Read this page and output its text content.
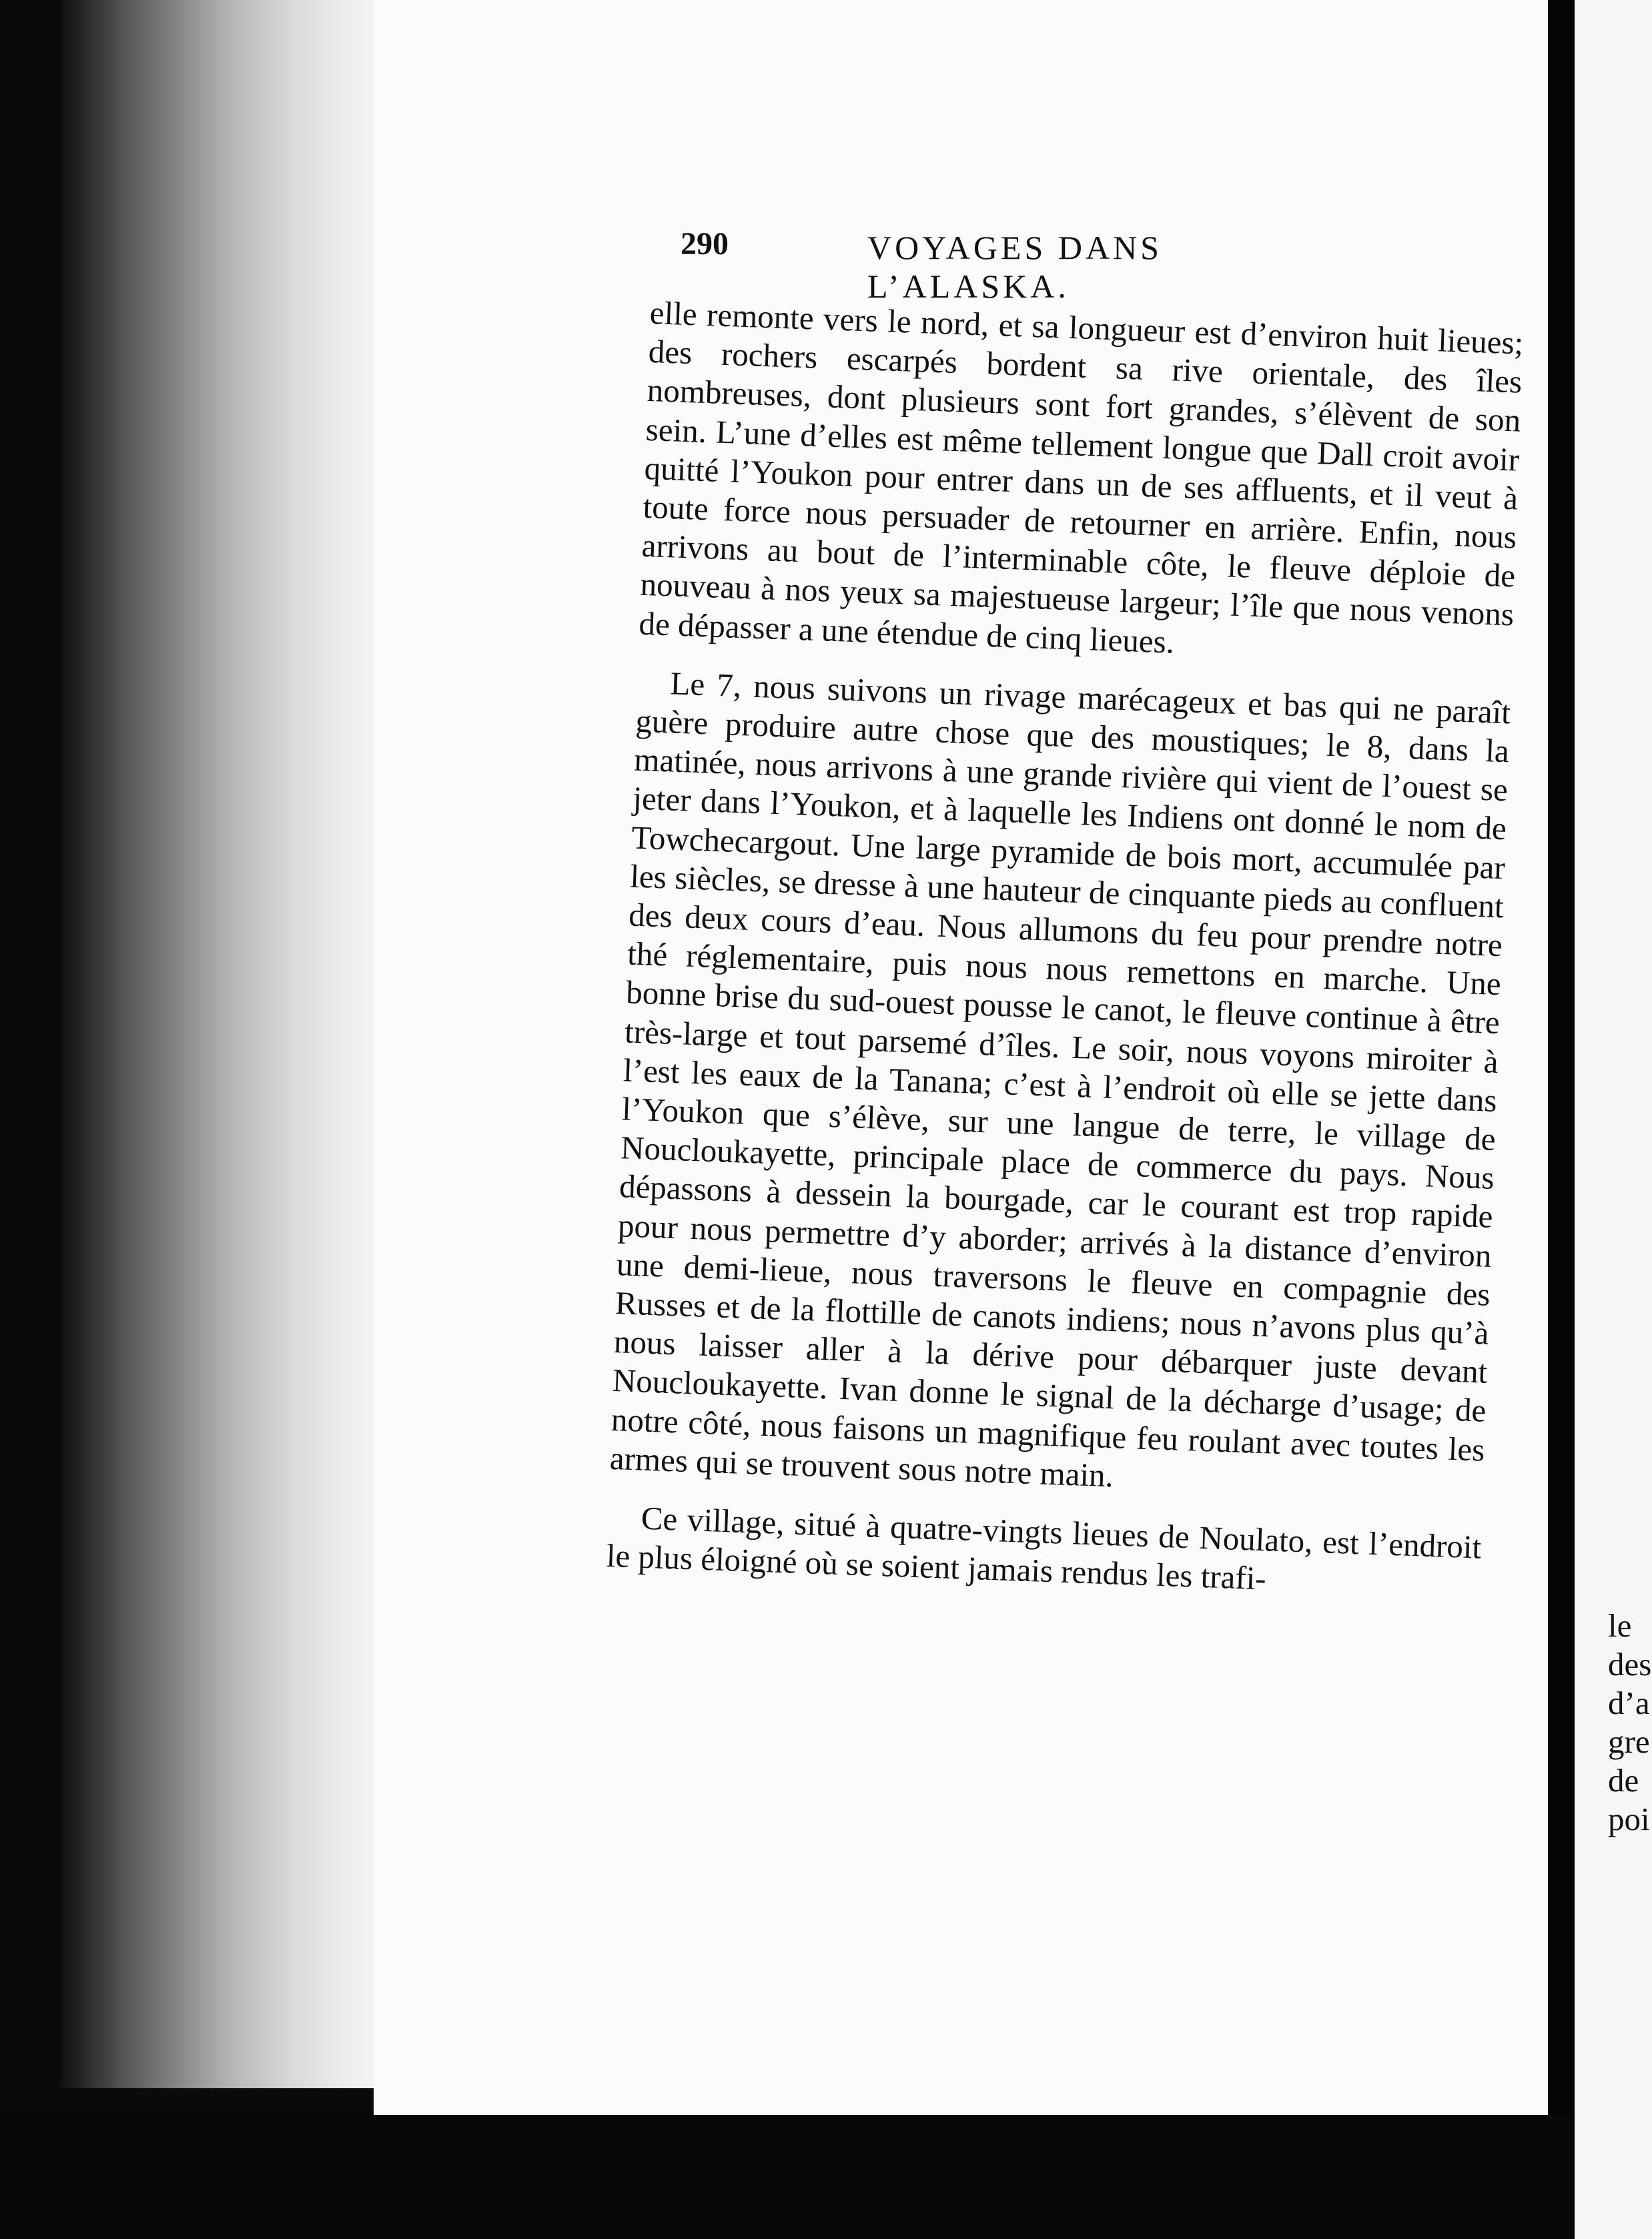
le
des
d’a
gre
de
poi
290	VOYAGES DANS L’ALASKA.

elle remonte vers le nord, et sa longueur est d’environ huit lieues; des rochers escarpés bordent sa rive orientale, des îles nombreuses, dont plusieurs sont fort grandes, s’élèvent de son sein. L’une d’elles est même tellement longue que Dall croit avoir quitté l’Youkon pour entrer dans un de ses affluents, et il veut à toute force nous persuader de retourner en arrière. Enfin, nous arrivons au bout de l’interminable côte, le fleuve déploie de nouveau à nos yeux sa majestueuse largeur; l’île que nous venons de dépasser a une étendue de cinq lieues.

Le 7, nous suivons un rivage marécageux et bas qui ne paraît guère produire autre chose que des moustiques; le 8, dans la matinée, nous arrivons à une grande rivière qui vient de l’ouest se jeter dans l’Youkon, et à laquelle les Indiens ont donné le nom de Towchecargout. Une large pyramide de bois mort, accumulée par les siècles, se dresse à une hauteur de cinquante pieds au confluent des deux cours d’eau. Nous allumons du feu pour prendre notre thé réglementaire, puis nous nous remettons en marche. Une bonne brise du sud-ouest pousse le canot, le fleuve continue à être très-large et tout parsemé d’îles. Le soir, nous voyons miroiter à l’est les eaux de la Tanana; c’est à l’endroit où elle se jette dans l’Youkon que s’élève, sur une langue de terre, le village de Noucloukayette, principale place de commerce du pays. Nous dépassons à dessein la bourgade, car le courant est trop rapide pour nous permettre d’y aborder; arrivés à la distance d’environ une demi-lieue, nous traversons le fleuve en compagnie des Russes et de la flottille de canots indiens; nous n’avons plus qu’à nous laisser aller à la dérive pour débarquer juste devant Noucloukayette. Ivan donne le signal de la décharge d’usage; de notre côté, nous faisons un magnifique feu roulant avec toutes les armes qui se trouvent sous notre main.

Ce village, situé à quatre-vingts lieues de Noulato, est l’endroit le plus éloigné où se soient jamais rendus les trafi-
